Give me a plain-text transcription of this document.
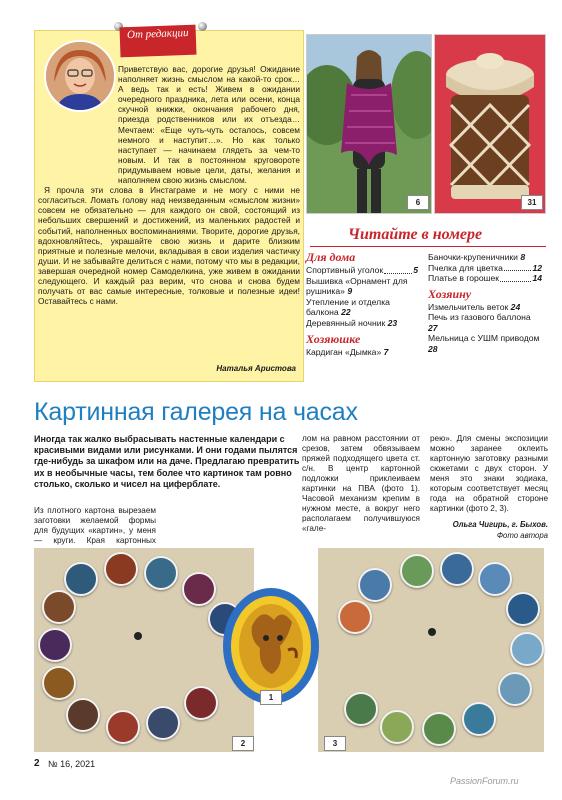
От редакции

Приветствую вас, дорогие друзья! Ожидание наполняет жизнь смыслом на какой-то срок… А ведь так и есть! Живем в ожидании очередного праздника, лета или осени, конца скучной книжки, окончания рабочего дня, приезда родственников или их отъезда… Мечтаем: «Еще чуть-чуть осталось, совсем немного и наступит…». Но как только наступает — начинаем глядеть за чем-то новым. И так в постоянном круговороте придумываем новые цели, даты, желания и наполняем свою жизнь смыслом.

Я прочла эти слова в Инстаграме и не могу с ними не согласиться. Ломать голову над неизведанным «смыслом жизни» совсем не обязательно — для каждого он свой, состоящий из небольших свершений и достижений, из маленьких радостей и событий, наполненных воспоминаниями. Творите, дорогие друзья, вдохновляйтесь, украшайте свою жизнь и дарите близким приятные и полезные мелочи, вкладывая в свои изделия частичку души. И не забывайте делиться с нами, потому что мы в редакции, завершая очередной номер Самоделкина, уже живем в ожидании следующего. И каждый раз верим, что снова и снова будем получать от вас самые интересные, толковые и полезные идеи! Оставайтесь с нами.

Наталья Аристова
6	31
Читайте в номере
Для дома
Спортивный уголок	5
Вышивка «Орнамент для рушника» 9
Утепление и отделка балкона 22
Деревянный ночник 23
Хозяюшке
Кардиган «Дымка» 7
Баночки-крупеничники 8
Пчелка для цветка	12
Платье в горошек	14
Хозяину
Измельчитель веток 24
Печь из газового баллона 27
Мельница с УШМ приводом 28
Картинная галерея на часах
Иногда так жалко выбрасывать настенные календари с красивыми видами или рисунками. И они годами пылятся где-нибудь за шкафом или на даче. Предлагаю превратить их в необычные часы, тем более что картинок там ровно столько, сколько и чисел на циферблате.
Из плотного картона вырезаем заготовки желаемой формы для будущих «картин», у меня — круги. Края картонных
лом на равном расстоянии от срезов, затем обвязываем пряжей подходящего цвета ст. с/н. В центр картонной подложки приклеиваем картинки на ПВА (фото 1). Часовой механизм крепим в нужном месте, а вокруг него располагаем получившуюся «гале-
рею». Для смены экспозиции можно заранее оклеить картонную заготовку разными сюжетами с двух сторон. У меня это знаки зодиака, которым соответствует месяц года на обратной стороне картинки (фото 2, 3).
Ольга Чигирь, г. Быхов.
Фото автора
2	3
1
2 № 16, 2021
PassionForum.ru
